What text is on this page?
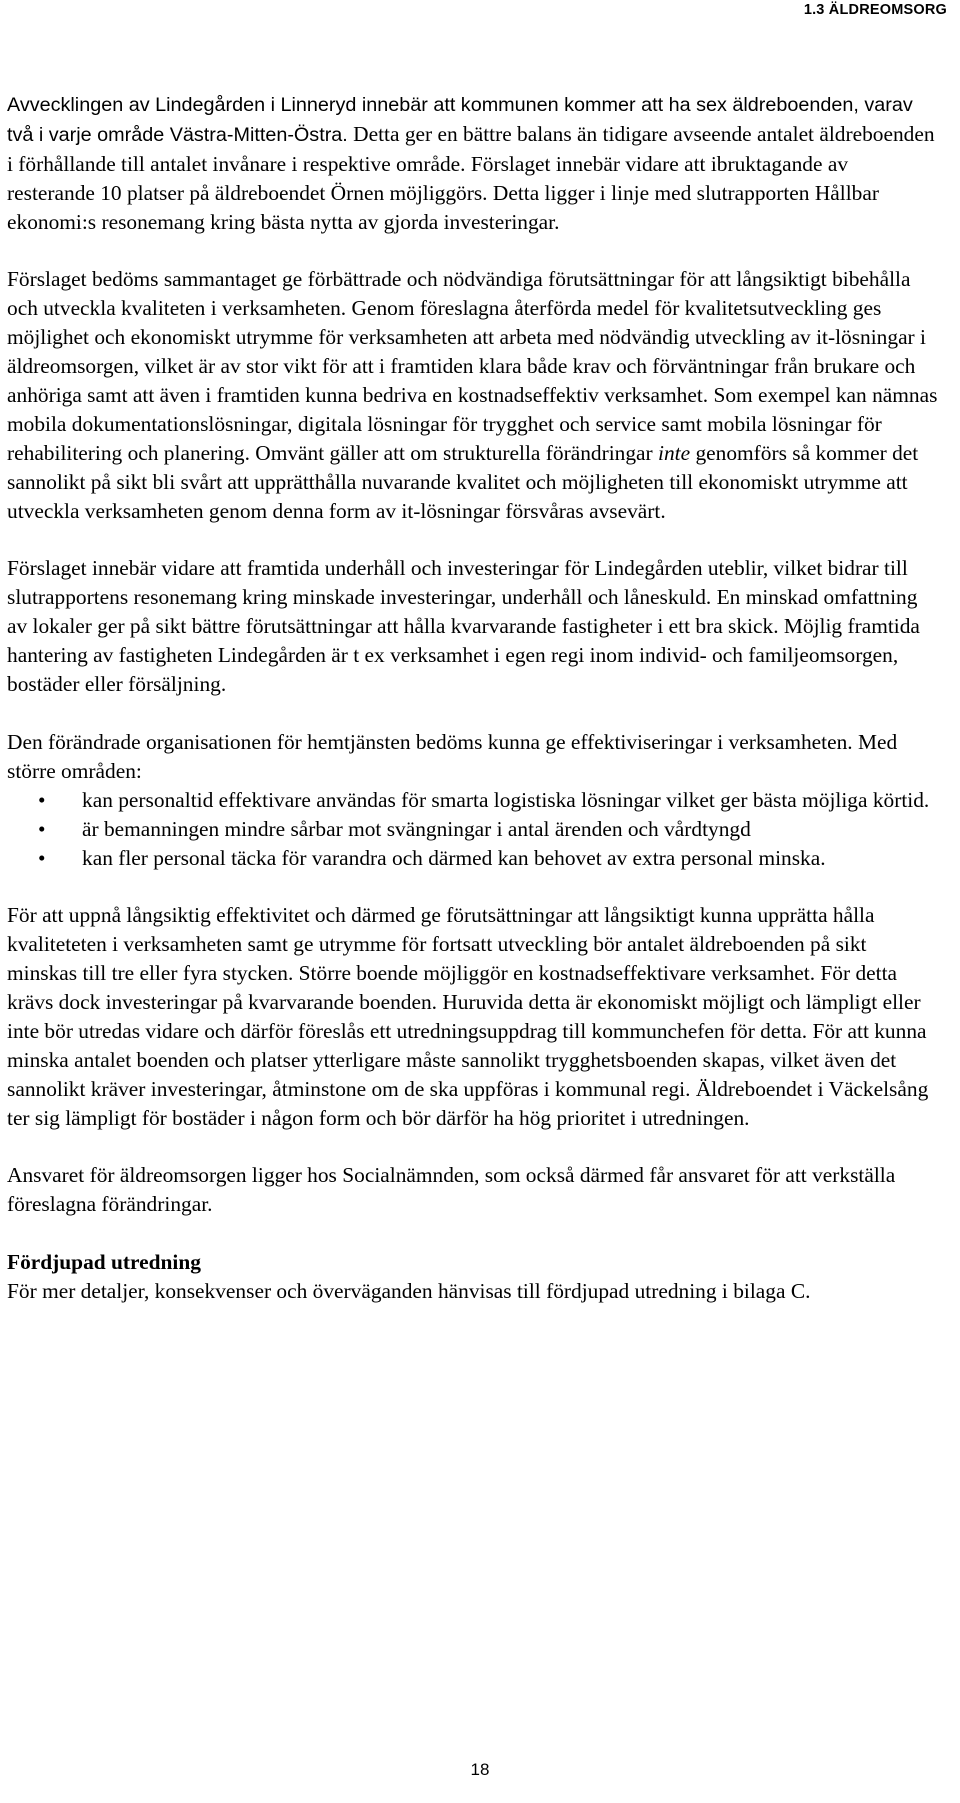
1.3 ÄLDREOMSORG

Avvecklingen av Lindegården i Linneryd innebär att kommunen kommer att ha sex äldreboenden, varav två i varje område Västra-Mitten-Östra. Detta ger en bättre balans än tidigare avseende antalet äldreboenden i förhållande till antalet invånare i respektive område. Förslaget innebär vidare att ibruktagande av resterande 10 platser på äldreboendet Örnen möjliggörs. Detta ligger i linje med slutrapporten Hållbar ekonomi:s resonemang kring bästa nytta av gjorda investeringar.

Förslaget bedöms sammantaget ge förbättrade och nödvändiga förutsättningar för att långsiktigt bibehålla och utveckla kvaliteten i verksamheten. Genom föreslagna återförda medel för kvalitetsutveckling ges möjlighet och ekonomiskt utrymme för verksamheten att arbeta med nödvändig utveckling av it-lösningar i äldreomsorgen, vilket är av stor vikt för att i framtiden klara både krav och förväntningar från brukare och anhöriga samt att även i framtiden kunna bedriva en kostnadseffektiv verksamhet. Som exempel kan nämnas mobila dokumentationslösningar, digitala lösningar för trygghet och service samt mobila lösningar för rehabilitering och planering. Omvänt gäller att om strukturella förändringar inte genomförs så kommer det sannolikt på sikt bli svårt att upprätthålla nuvarande kvalitet och möjligheten till ekonomiskt utrymme att utveckla verksamheten genom denna form av it-lösningar försvåras avsevärt.

Förslaget innebär vidare att framtida underhåll och investeringar för Lindegården uteblir, vilket bidrar till slutrapportens resonemang kring minskade investeringar, underhåll och låneskuld. En minskad omfattning av lokaler ger på sikt bättre förutsättningar att hålla kvarvarande fastigheter i ett bra skick. Möjlig framtida hantering av fastigheten Lindegården är t ex verksamhet i egen regi inom individ- och familjeomsorgen, bostäder eller försäljning.

Den förändrade organisationen för hemtjänsten bedöms kunna ge effektiviseringar i verksamheten. Med större områden:

• kan personaltid effektivare användas för smarta logistiska lösningar vilket ger bästa möjliga körtid.
• är bemanningen mindre sårbar mot svängningar i antal ärenden och vårdtyngd
• kan fler personal täcka för varandra och därmed kan behovet av extra personal minska.

För att uppnå långsiktig effektivitet och därmed ge förutsättningar att långsiktigt kunna upprätta hålla kvaliteteten i verksamheten samt ge utrymme för fortsatt utveckling bör antalet äldreboenden på sikt minskas till tre eller fyra stycken. Större boende möjliggör en kostnadseffektivare verksamhet. För detta krävs dock investeringar på kvarvarande boenden. Huruvida detta är ekonomiskt möjligt och lämpligt eller inte bör utredas vidare och därför föreslås ett utredningsuppdrag till kommunchefen för detta. För att kunna minska antalet boenden och platser ytterligare måste sannolikt trygghetsboenden skapas, vilket även det sannolikt kräver investeringar, åtminstone om de ska uppföras i kommunal regi. Äldreboendet i Väckelsång ter sig lämpligt för bostäder i någon form och bör därför ha hög prioritet i utredningen.

Ansvaret för äldreomsorgen ligger hos Socialnämnden, som också därmed får ansvaret för att verkställa föreslagna förändringar.

Fördjupad utredning

För mer detaljer, konsekvenser och överväganden hänvisas till fördjupad utredning i bilaga C.

18
